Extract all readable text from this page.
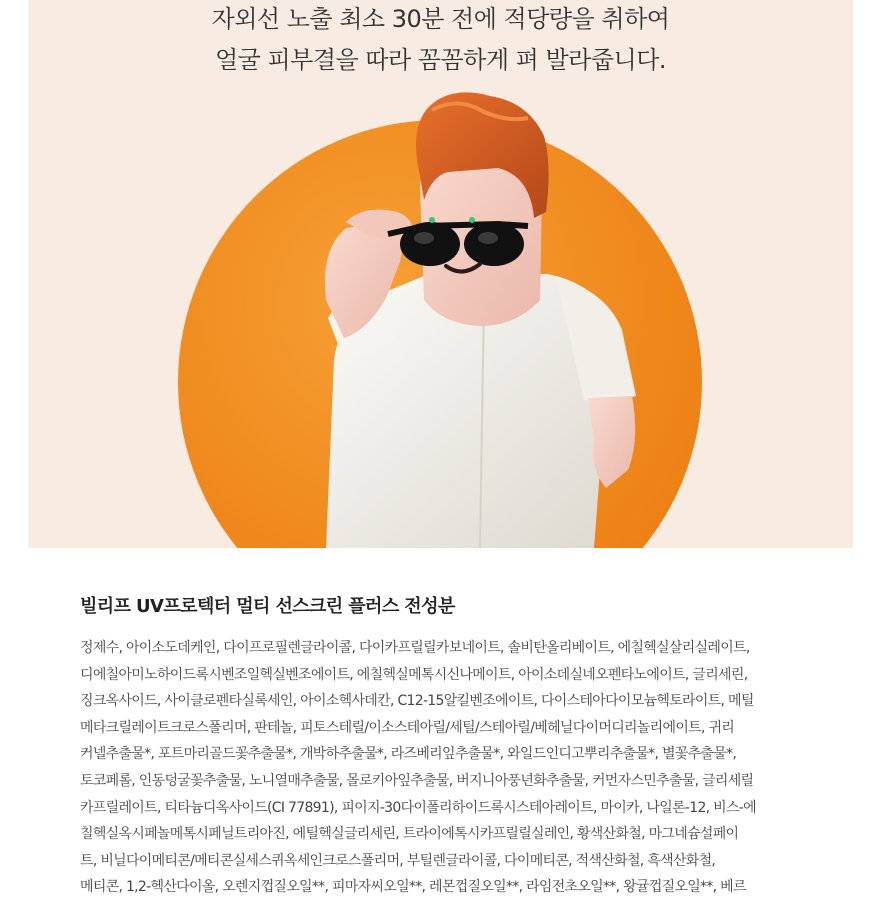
자외선 노출 최소 30분 전에 적당량을 취하여
얼굴 피부결을 따라 꼼꼼하게 펴 발라줍니다.
빌리프 UV프로텍터 멀티 선스크린 플러스 전성분
정제수, 아이소도데케인, 다이프로필렌글라이콜, 다이카프릴릴카보네이트, 솔비탄올리베이트, 에칠헥실살리실레이트,
디에칠아미노하이드록시벤조일헥실벤조에이트, 에칠헥실메톡시신나메이트, 아이소데실네오펜타노에이트, 글리세린,
징크옥사이드, 사이클로펜타실록세인, 아이소헥사데칸, C12-15알킬벤조에이트, 다이스테아다이모늄헥토라이트, 메틸
메타크릴레이트크로스폴리머, 판테놀, 피토스테릴/이소스테아릴/세틸/스테아릴/베헤닐다이머디리놀리에이트, 귀리
커넬추출물*, 포트마리골드꽃추출물*, 개박하추출물*, 라즈베리잎추출물*, 와일드인디고뿌리추출물*, 별꽃추출물*,
토코페롤, 인동덩굴꽃추출물, 노니열매추출물, 몰로키아잎추출물, 버지니아풍년화추출물, 커먼자스민추출물, 글리세릴
카프릴레이트, 티타늄디옥사이드(CI 77891), 피이지-30다이폴리하이드록시스테아레이트, 마이카, 나일론-12, 비스-에
칠헥실옥시페놀메톡시페닐트리아진, 에틸헥실글리세린, 트라이에톡시카프릴릴실레인, 황색산화철, 마그네슘설페이
트, 비닐다이메티콘/메티콘실세스퀴옥세인크로스폴리머, 부틸렌글라이콜, 다이메티콘, 적색산화철, 흑색산화철,
메티콘, 1,2-헥산다이올, 오렌지껍질오일**, 피마자씨오일**, 레몬껍질오일**, 라임전초오일**, 왕귤껍질오일**, 베르
